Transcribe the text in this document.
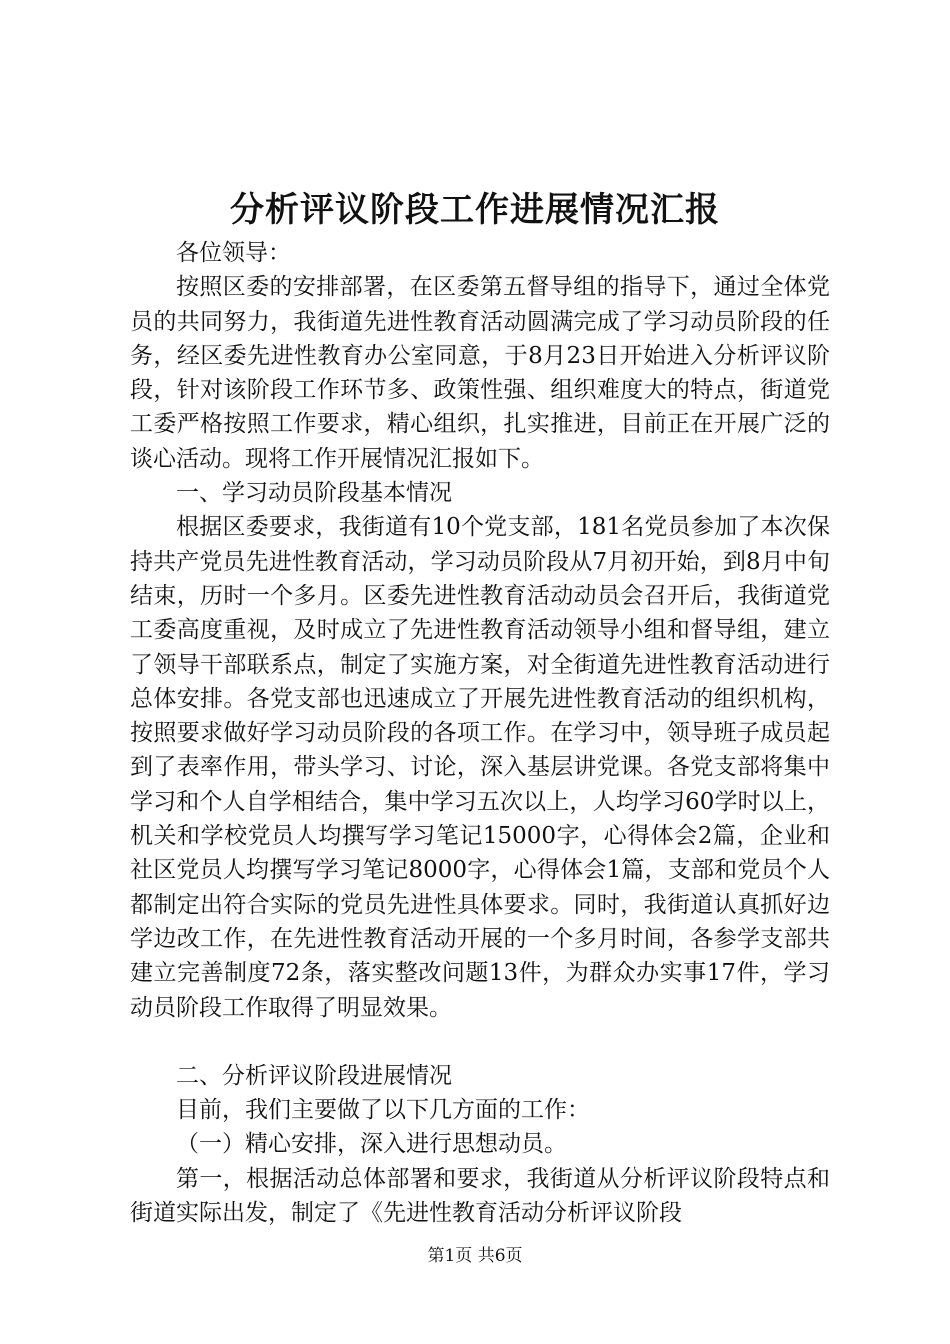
分析评议阶段工作进展情况汇报

各位领导：

按照区委的安排部署，在区委第五督导组的指导下，通过全体党员的共同努力，我街道先进性教育活动圆满完成了学习动员阶段的任务，经区委先进性教育办公室同意，于8月23日开始进入分析评议阶段，针对该阶段工作环节多、政策性强、组织难度大的特点，街道党工委严格按照工作要求，精心组织，扎实推进，目前正在开展广泛的谈心活动。现将工作开展情况汇报如下。

一、学习动员阶段基本情况

根据区委要求，我街道有10个党支部，181名党员参加了本次保持共产党员先进性教育活动，学习动员阶段从7月初开始，到8月中旬结束，历时一个多月。区委先进性教育活动动员会召开后，我街道党工委高度重视，及时成立了先进性教育活动领导小组和督导组，建立了领导干部联系点，制定了实施方案，对全街道先进性教育活动进行总体安排。各党支部也迅速成立了开展先进性教育活动的组织机构，按照要求做好学习动员阶段的各项工作。在学习中，领导班子成员起到了表率作用，带头学习、讨论，深入基层讲党课。各党支部将集中学习和个人自学相结合，集中学习五次以上，人均学习60学时以上，机关和学校党员人均撰写学习笔记15000字，心得体会2篇，企业和社区党员人均撰写学习笔记8000字，心得体会1篇，支部和党员个人都制定出符合实际的党员先进性具体要求。同时，我街道认真抓好边学边改工作，在先进性教育活动开展的一个多月时间，各参学支部共建立完善制度72条，落实整改问题13件，为群众办实事17件，学习动员阶段工作取得了明显效果。

二、分析评议阶段进展情况

目前，我们主要做了以下几方面的工作：

（一）精心安排，深入进行思想动员。

第一，根据活动总体部署和要求，我街道从分析评议阶段特点和街道实际出发，制定了《先进性教育活动分析评议阶段

第1页 共6页
